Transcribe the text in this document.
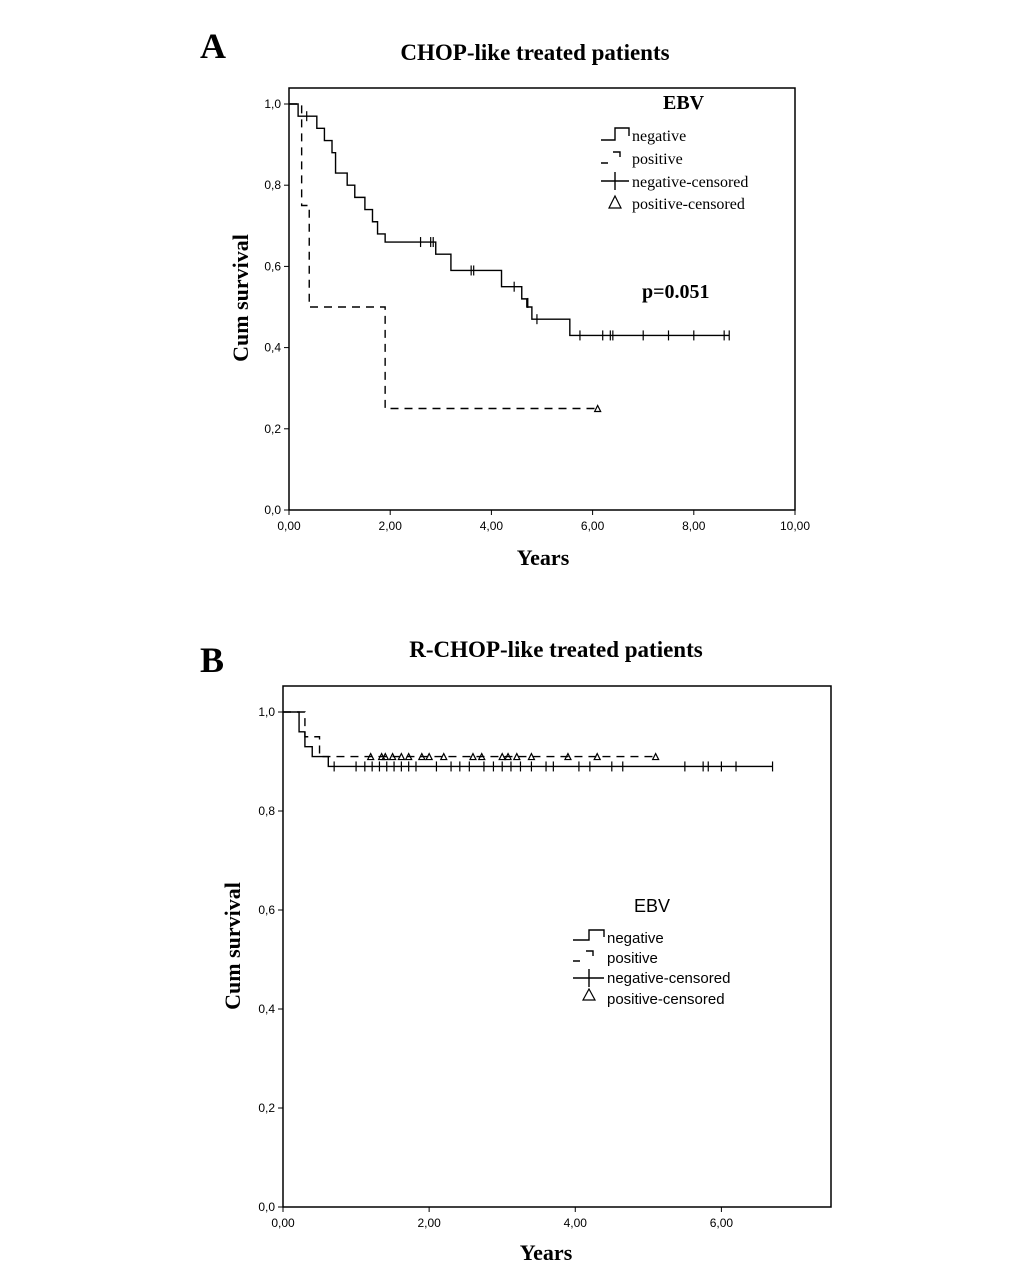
A	CHOP-like treated patients
0,0
0,2
0,4
0,6
0,8
1,0
0,00	2,00	4,00	6,00	8,00	10,00
Cum survival
Years
EBV
negative
positive
negative-censored
positive-censored
p=0.051
B	R-CHOP-like treated patients
0,0
0,2
0,4
0,6
0,8
1,0
0,00	2,00	4,00	6,00
Cum survival
Years
EBV
negative
positive
negative-censored
positive-censored
